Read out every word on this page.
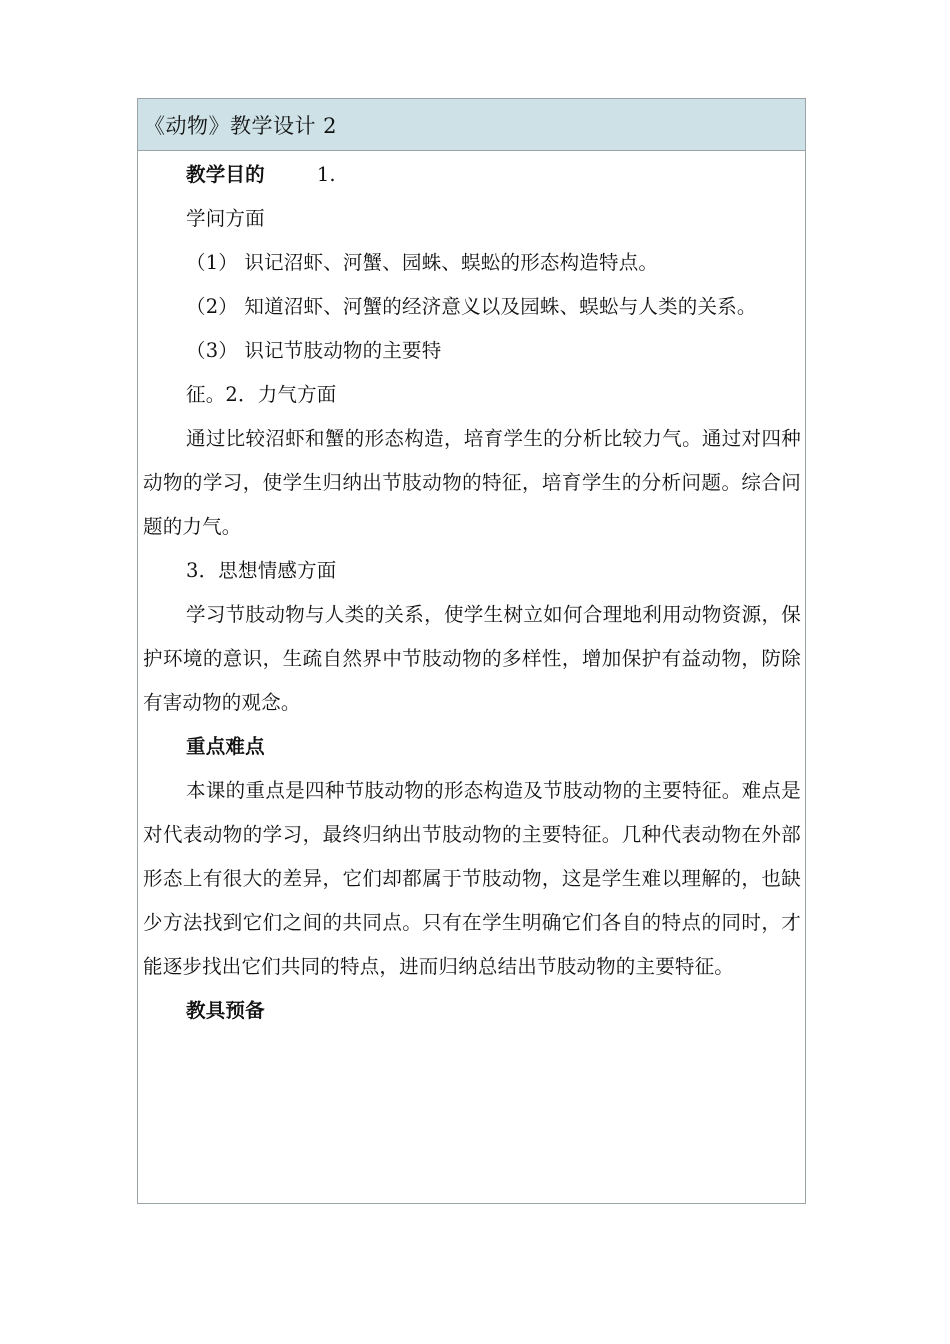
《动物》教学设计 2

教学目的	1.

学问方面

（1） 识记沼虾、河蟹、园蛛、蜈蚣的形态构造特点。

（2） 知道沼虾、河蟹的经济意义以及园蛛、蜈蚣与人类的关系。

（3） 识记节肢动物的主要特

征。2．力气方面

通过比较沼虾和蟹的形态构造，培育学生的分析比较力气。通过对四种动物的学习，使学生归纳出节肢动物的特征，培育学生的分析问题。综合问题的力气。

3．思想情感方面

学习节肢动物与人类的关系，使学生树立如何合理地利用动物资源，保护环境的意识，生疏自然界中节肢动物的多样性，增加保护有益动物，防除有害动物的观念。

重点难点

本课的重点是四种节肢动物的形态构造及节肢动物的主要特征。难点是对代表动物的学习，最终归纳出节肢动物的主要特征。几种代表动物在外部形态上有很大的差异，它们却都属于节肢动物，这是学生难以理解的，也缺少方法找到它们之间的共同点。只有在学生明确它们各自的特点的同时，才能逐步找出它们共同的特点，进而归纳总结出节肢动物的主要特征。

教具预备
